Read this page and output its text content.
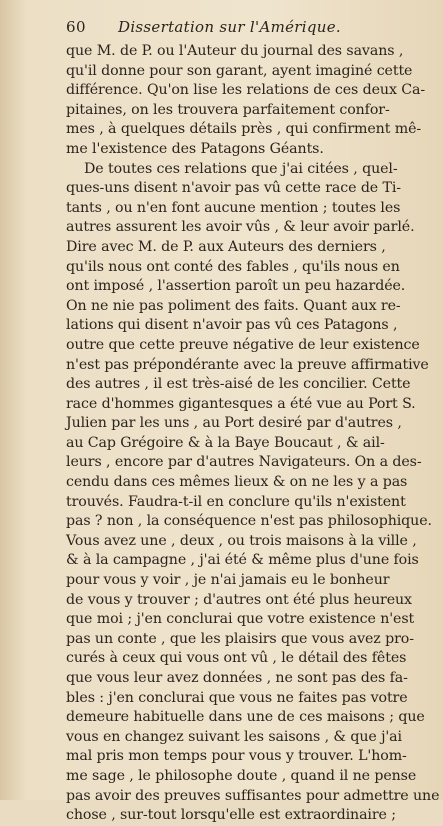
60	Dissertation sur l'Amérique.
que M. de P. ou l'Auteur du journal des savans ,
qu'il donne pour son garant, ayent imaginé cette
différence. Qu'on lise les relations de ces deux Ca-
pitaines, on les trouvera parfaitement confor-
mes , à quelques détails près , qui confirment mê-
me l'existence des Patagons Géants.
De toutes ces relations que j'ai citées , quel-
ques-uns disent n'avoir pas vû cette race de Ti-
tants , ou n'en font aucune mention ; toutes les
autres assurent les avoir vûs , & leur avoir parlé.
Dire avec M. de P. aux Auteurs des derniers ,
qu'ils nous ont conté des fables , qu'ils nous en
ont imposé , l'assertion paroît un peu hazardée.
On ne nie pas poliment des faits. Quant aux re-
lations qui disent n'avoir pas vû ces Patagons ,
outre que cette preuve négative de leur existence
n'est pas prépondérante avec la preuve affirmative
des autres , il est très-aisé de les concilier. Cette
race d'hommes gigantesques a été vue au Port S.
Julien par les uns , au Port desiré par d'autres ,
au Cap Grégoire & à la Baye Boucaut , & ail-
leurs , encore par d'autres Navigateurs. On a des-
cendu dans ces mêmes lieux & on ne les y a pas
trouvés. Faudra-t-il en conclure qu'ils n'existent
pas ? non , la conséquence n'est pas philosophique.
Vous avez une , deux , ou trois maisons à la ville ,
& à la campagne , j'ai été & même plus d'une fois
pour vous y voir , je n'ai jamais eu le bonheur
de vous y trouver ; d'autres ont été plus heureux
que moi ; j'en conclurai que votre existence n'est
pas un conte , que les plaisirs que vous avez pro-
curés à ceux qui vous ont vû , le détail des fêtes
que vous leur avez données , ne sont pas des fa-
bles : j'en conclurai que vous ne faites pas votre
demeure habituelle dans une de ces maisons ; que
vous en changez suivant les saisons , & que j'ai
mal pris mon temps pour vous y trouver. L'hom-
me sage , le philosophe doute , quand il ne pense
pas avoir des preuves suffisantes pour admettre une
chose , sur-tout lorsqu'elle est extraordinaire ;
